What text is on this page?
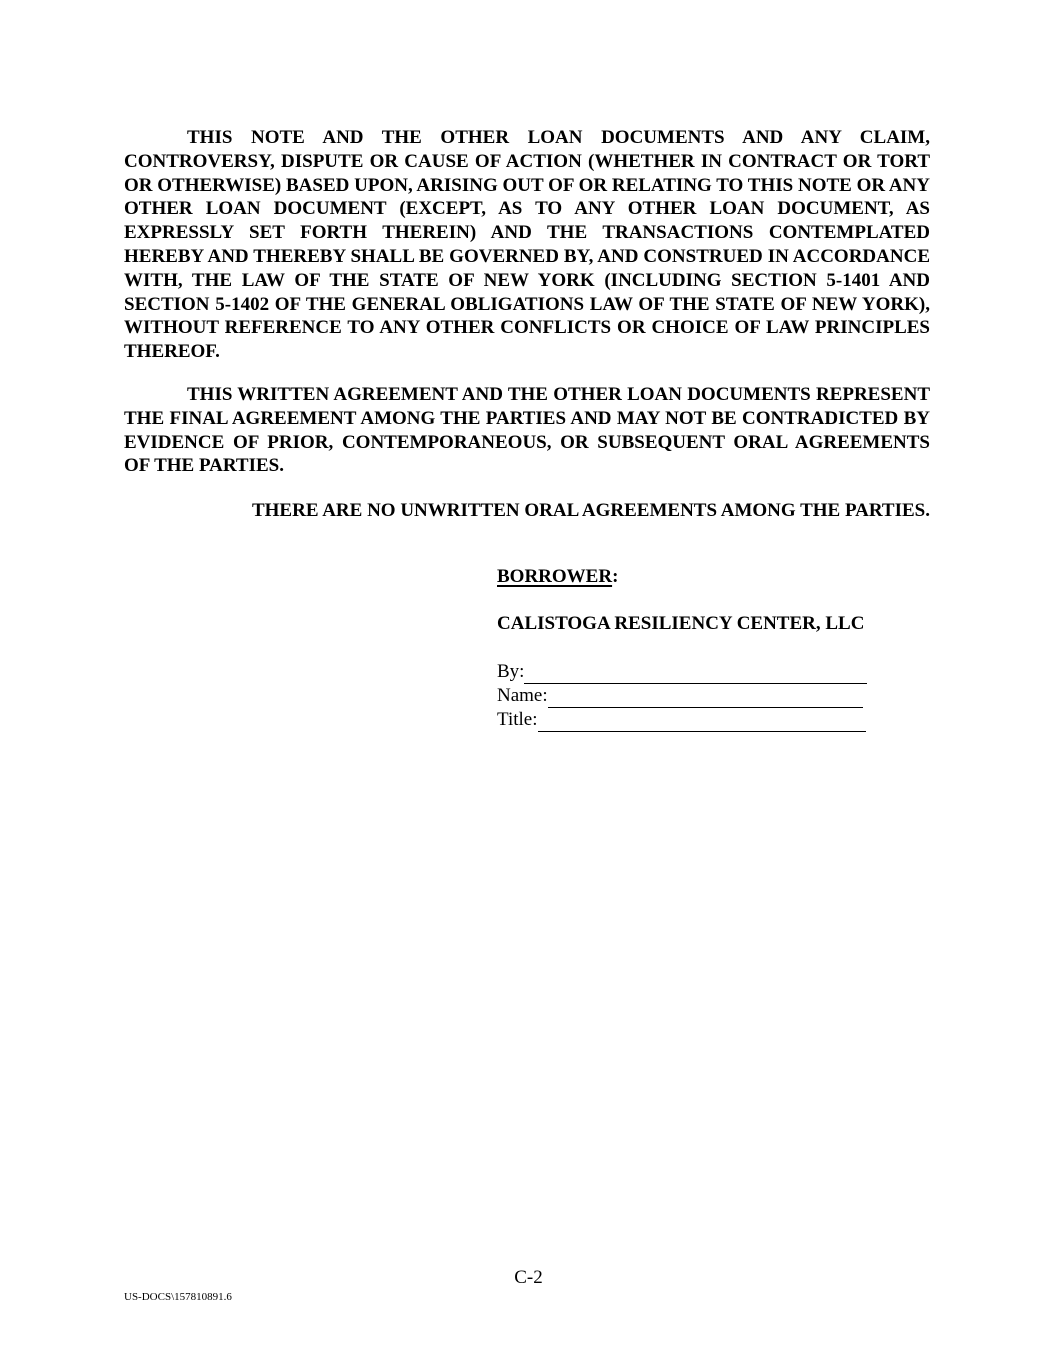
THIS NOTE AND THE OTHER LOAN DOCUMENTS AND ANY CLAIM, CONTROVERSY, DISPUTE OR CAUSE OF ACTION (WHETHER IN CONTRACT OR TORT OR OTHERWISE) BASED UPON, ARISING OUT OF OR RELATING TO THIS NOTE OR ANY OTHER LOAN DOCUMENT (EXCEPT, AS TO ANY OTHER LOAN DOCUMENT, AS EXPRESSLY SET FORTH THEREIN) AND THE TRANSACTIONS CONTEMPLATED HEREBY AND THEREBY SHALL BE GOVERNED BY, AND CONSTRUED IN ACCORDANCE WITH, THE LAW OF THE STATE OF NEW YORK (INCLUDING SECTION 5-1401 AND SECTION 5-1402 OF THE GENERAL OBLIGATIONS LAW OF THE STATE OF NEW YORK), WITHOUT REFERENCE TO ANY OTHER CONFLICTS OR CHOICE OF LAW PRINCIPLES THEREOF.

THIS WRITTEN AGREEMENT AND THE OTHER LOAN DOCUMENTS REPRESENT THE FINAL AGREEMENT AMONG THE PARTIES AND MAY NOT BE CONTRADICTED BY EVIDENCE OF PRIOR, CONTEMPORANEOUS, OR SUBSEQUENT ORAL AGREEMENTS OF THE PARTIES.

THERE ARE NO UNWRITTEN ORAL AGREEMENTS AMONG THE PARTIES.

BORROWER:
CALISTOGA RESILIENCY CENTER, LLC
By:
Name:
Title:
C-2
US-DOCS\157810891.6
